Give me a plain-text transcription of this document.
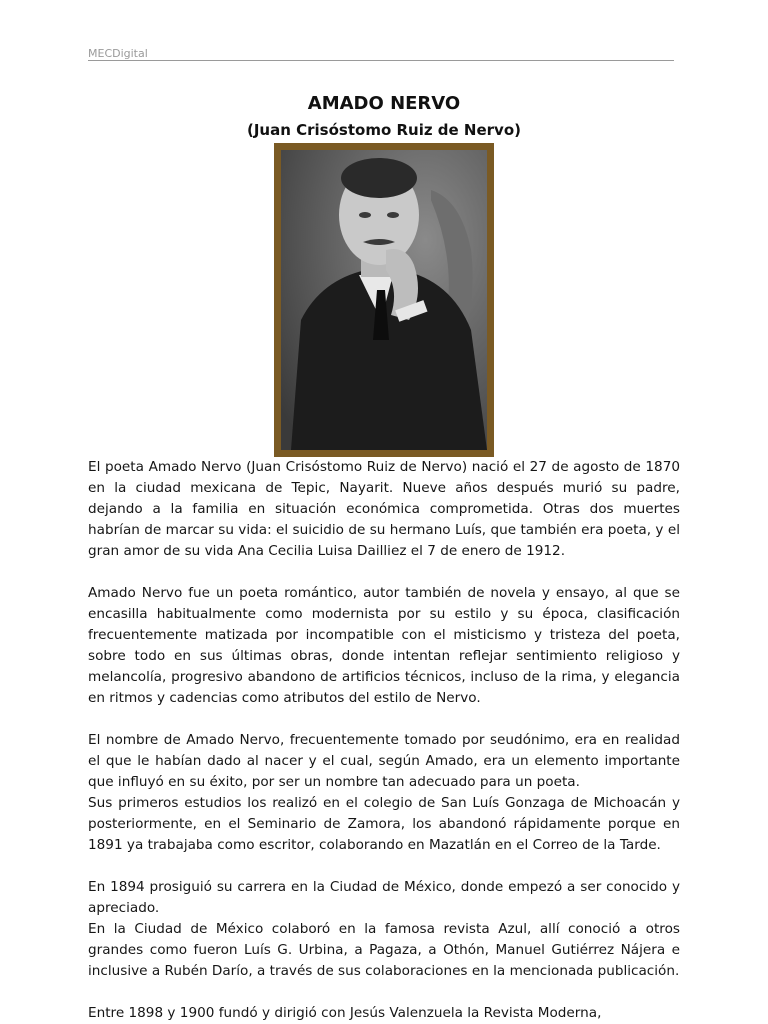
MECDigital
AMADO NERVO
(Juan Crisóstomo Ruiz de Nervo)

El poeta Amado Nervo (Juan Crisóstomo Ruiz de Nervo) nació el 27 de agosto de 1870 en la ciudad mexicana de Tepic, Nayarit. Nueve años después murió su padre, dejando a la familia en situación económica comprometida. Otras dos muertes habrían de marcar su vida: el suicidio de su hermano Luís, que también era poeta, y el gran amor de su vida Ana Cecilia Luisa Dailliez el 7 de enero de 1912.

Amado Nervo fue un poeta romántico, autor también de novela y ensayo, al que se encasilla habitualmente como modernista por su estilo y su época, clasificación frecuentemente matizada por incompatible con el misticismo y tristeza del poeta, sobre todo en sus últimas obras, donde intentan reflejar sentimiento religioso y melancolía, progresivo abandono de artificios técnicos, incluso de la rima, y elegancia en ritmos y cadencias como atributos del estilo de Nervo.

El nombre de Amado Nervo, frecuentemente tomado por seudónimo, era en realidad el que le habían dado al nacer y el cual, según Amado, era un elemento importante que influyó en su éxito, por ser un nombre tan adecuado para un poeta.

Sus primeros estudios los realizó en el colegio de San Luís Gonzaga de Michoacán y posteriormente, en el Seminario de Zamora, los abandonó rápidamente porque en 1891 ya trabajaba como escritor, colaborando en Mazatlán en el Correo de la Tarde.

En 1894 prosiguió su carrera en la Ciudad de México, donde empezó a ser conocido y apreciado.

En la Ciudad de México colaboró en la famosa revista Azul, allí conoció a otros grandes como fueron Luís G. Urbina, a Pagaza, a Othón, Manuel Gutiérrez Nájera e inclusive a Rubén Darío, a través de sus colaboraciones en la mencionada publicación.

Entre 1898 y 1900 fundó y dirigió con Jesús Valenzuela la Revista Moderna,
